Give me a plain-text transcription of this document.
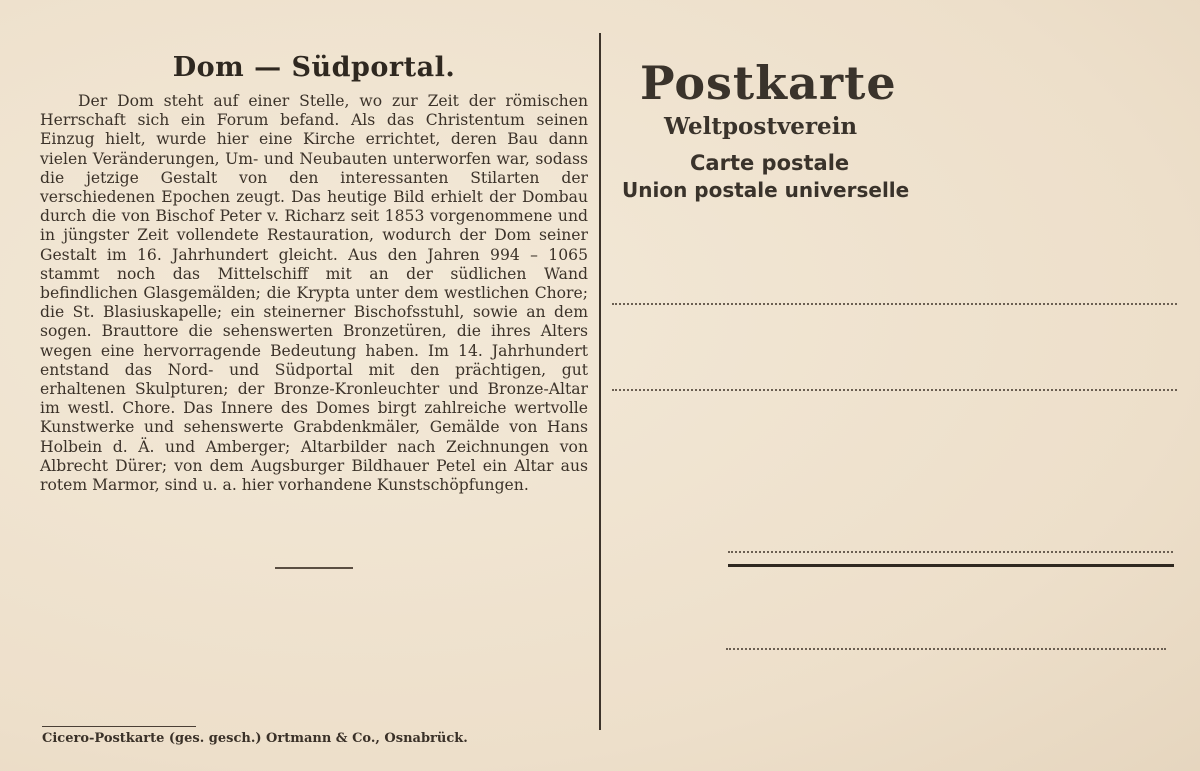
Dom — Südportal.
Der Dom steht auf einer Stelle, wo zur Zeit der römischen Herrschaft sich ein Forum befand. Als das Christentum seinen Einzug hielt, wurde hier eine Kirche errichtet, deren Bau dann vielen Veränderungen, Um- und Neubauten unterworfen war, sodass die jetzige Gestalt von den interessanten Stilarten der verschiedenen Epochen zeugt. Das heutige Bild erhielt der Dombau durch die von Bischof Peter v. Richarz seit 1853 vorgenommene und in jüngster Zeit vollendete Restauration, wodurch der Dom seiner Gestalt im 16. Jahrhundert gleicht. Aus den Jahren 994 – 1065 stammt noch das Mittelschiff mit an der südlichen Wand befindlichen Glasgemälden; die Krypta unter dem westlichen Chore; die St. Blasiuskapelle; ein steinerner Bischofsstuhl, sowie an dem sogen. Brauttore die sehenswerten Bronzetüren, die ihres Alters wegen eine hervorragende Bedeutung haben. Im 14. Jahrhundert entstand das Nord- und Südportal mit den prächtigen, gut erhaltenen Skulpturen; der Bronze-Kronleuchter und Bronze-Altar im westl. Chore. Das Innere des Domes birgt zahlreiche wertvolle Kunstwerke und sehenswerte Grabdenkmäler, Gemälde von Hans Holbein d. Ä. und Amberger; Altarbilder nach Zeichnungen von Albrecht Dürer; von dem Augsburger Bildhauer Petel ein Altar aus rotem Marmor, sind u. a. hier vorhandene Kunstschöpfungen.
Cicero-Postkarte (ges. gesch.) Ortmann & Co., Osnabrück.
Postkarte
Weltpostverein
Carte postale
Union postale universelle
